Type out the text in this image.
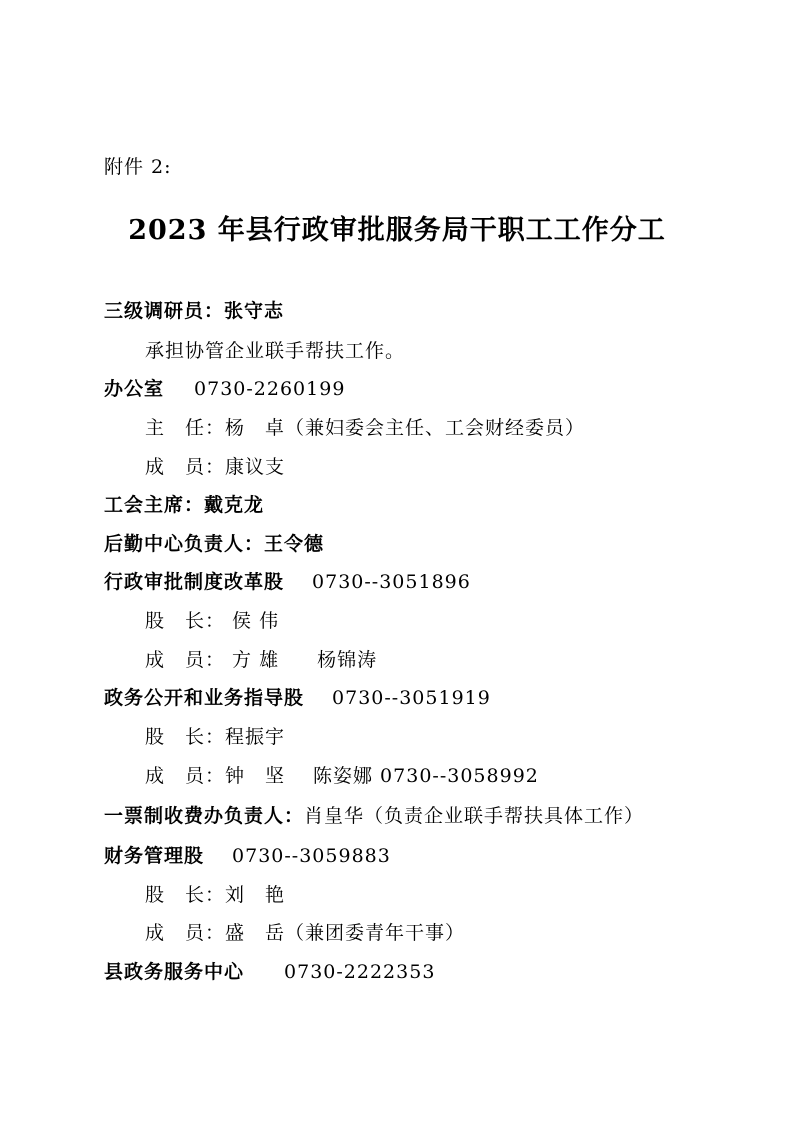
附件 2:
2023 年县行政审批服务局干职工工作分工
三级调研员：张守志
承担协管企业联手帮扶工作。
办公室 0730-2260199
主　任：杨　卓（兼妇委会主任、工会财经委员）
成　员：康议支
工会主席：戴克龙
后勤中心负责人：王令德
行政审批制度改革股 0730--3051896
股　长： 侯 伟
成　员： 方 雄 杨锦涛
政务公开和业务指导股 0730--3051919
股　长：程振宇
成　员：钟　坚 陈姿娜 0730--3058992
一票制收费办负责人：肖皇华（负责企业联手帮扶具体工作）
财务管理股 0730--3059883
股　长：刘　艳
成　员：盛　岳（兼团委青年干事）
县政务服务中心 0730-2222353
